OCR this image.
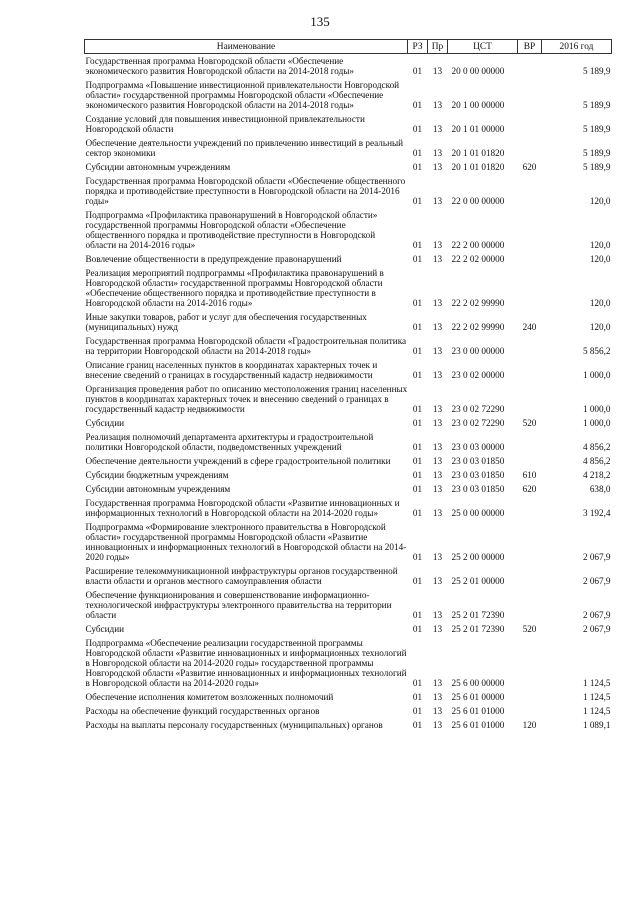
135
Наименование	РЗ	Пр	ЦСТ	ВР	2016 год
Государственная программа Новгородской области «Обеспечение экономического развития Новгородской области на 2014-2018 годы»	01	13	20 0 00 00000		5 189,9
Подпрограмма «Повышение инвестиционной привлекательности Новгородской области» государственной программы Новгородской области «Обеспечение экономического развития Новгородской области на 2014-2018 годы»	01	13	20 1 00 00000		5 189,9
Создание условий для повышения инвестиционной привлекательности Новгородской области	01	13	20 1 01 00000		5 189,9
Обеспечение деятельности учреждений по привлечению инвестиций в реальный сектор экономики	01	13	20 1 01 01820		5 189,9
Субсидии автономным учреждениям	01	13	20 1 01 01820	620	5 189,9
Государственная программа Новгородской области «Обеспечение общественного порядка и противодействие преступности в Новгородской области на 2014-2016 годы»	01	13	22 0 00 00000		120,0
Подпрограмма «Профилактика правонарушений в Новгородской области» государственной программы Новгородской области «Обеспечение общественного порядка и противодействие преступности в Новгородской области на 2014-2016 годы»	01	13	22 2 00 00000		120,0
Вовлечение общественности в предупреждение правонарушений	01	13	22 2 02 00000		120,0
Реализация мероприятий подпрограммы «Профилактика правонарушений в Новгородской области» государственной программы Новгородской области «Обеспечение общественного порядка и противодействие преступности в Новгородской области на 2014-2016 годы»	01	13	22 2 02 99990		120,0
Иные закупки товаров, работ и услуг для обеспечения государственных (муниципальных) нужд	01	13	22 2 02 99990	240	120,0
Государственная программа Новгородской области «Градостроительная политика на территории Новгородской области на 2014-2018 годы»	01	13	23 0 00 00000		5 856,2
Описание границ населенных пунктов в координатах характерных точек и внесение сведений о границах в государственный кадастр недвижимости	01	13	23 0 02 00000		1 000,0
Организация проведения работ по описанию местоположения границ населенных пунктов в координатах характерных точек и внесению сведений о границах в государственный кадастр недвижимости	01	13	23 0 02 72290		1 000,0
Субсидии	01	13	23 0 02 72290	520	1 000,0
Реализация полномочий департамента архитектуры и градостроительной политики Новгородской области, подведомственных учреждений	01	13	23 0 03 00000		4 856,2
Обеспечение деятельности учреждений в сфере градостроительной политики	01	13	23 0 03 01850		4 856,2
Субсидии бюджетным учреждениям	01	13	23 0 03 01850	610	4 218,2
Субсидии автономным учреждениям	01	13	23 0 03 01850	620	638,0
Государственная программа Новгородской области «Развитие инновационных и информационных технологий в Новгородской области на 2014-2020 годы»	01	13	25 0 00 00000		3 192,4
Подпрограмма «Формирование электронного правительства в Новгородской области» государственной программы Новгородской области «Развитие инновационных и информационных технологий в Новгородской области на 2014-2020 годы»	01	13	25 2 00 00000		2 067,9
Расширение телекоммуникационной инфраструктуры органов государственной власти области и органов местного самоуправления области	01	13	25 2 01 00000		2 067,9
Обеспечение функционирования и совершенствование информационно-технологической инфраструктуры электронного правительства на территории области	01	13	25 2 01 72390		2 067,9
Субсидии	01	13	25 2 01 72390	520	2 067,9
Подпрограмма «Обеспечение реализации государственной программы Новгородской области «Развитие инновационных и информационных технологий в Новгородской области на 2014-2020 годы» государственной программы Новгородской области «Развитие инновационных и информационных технологий в Новгородской области на 2014-2020 годы»	01	13	25 6 00 00000		1 124,5
Обеспечение исполнения комитетом возложенных полномочий	01	13	25 6 01 00000		1 124,5
Расходы на обеспечение функций государственных органов	01	13	25 6 01 01000		1 124,5
Расходы на выплаты персоналу государственных (муниципальных) органов	01	13	25 6 01 01000	120	1 089,1
